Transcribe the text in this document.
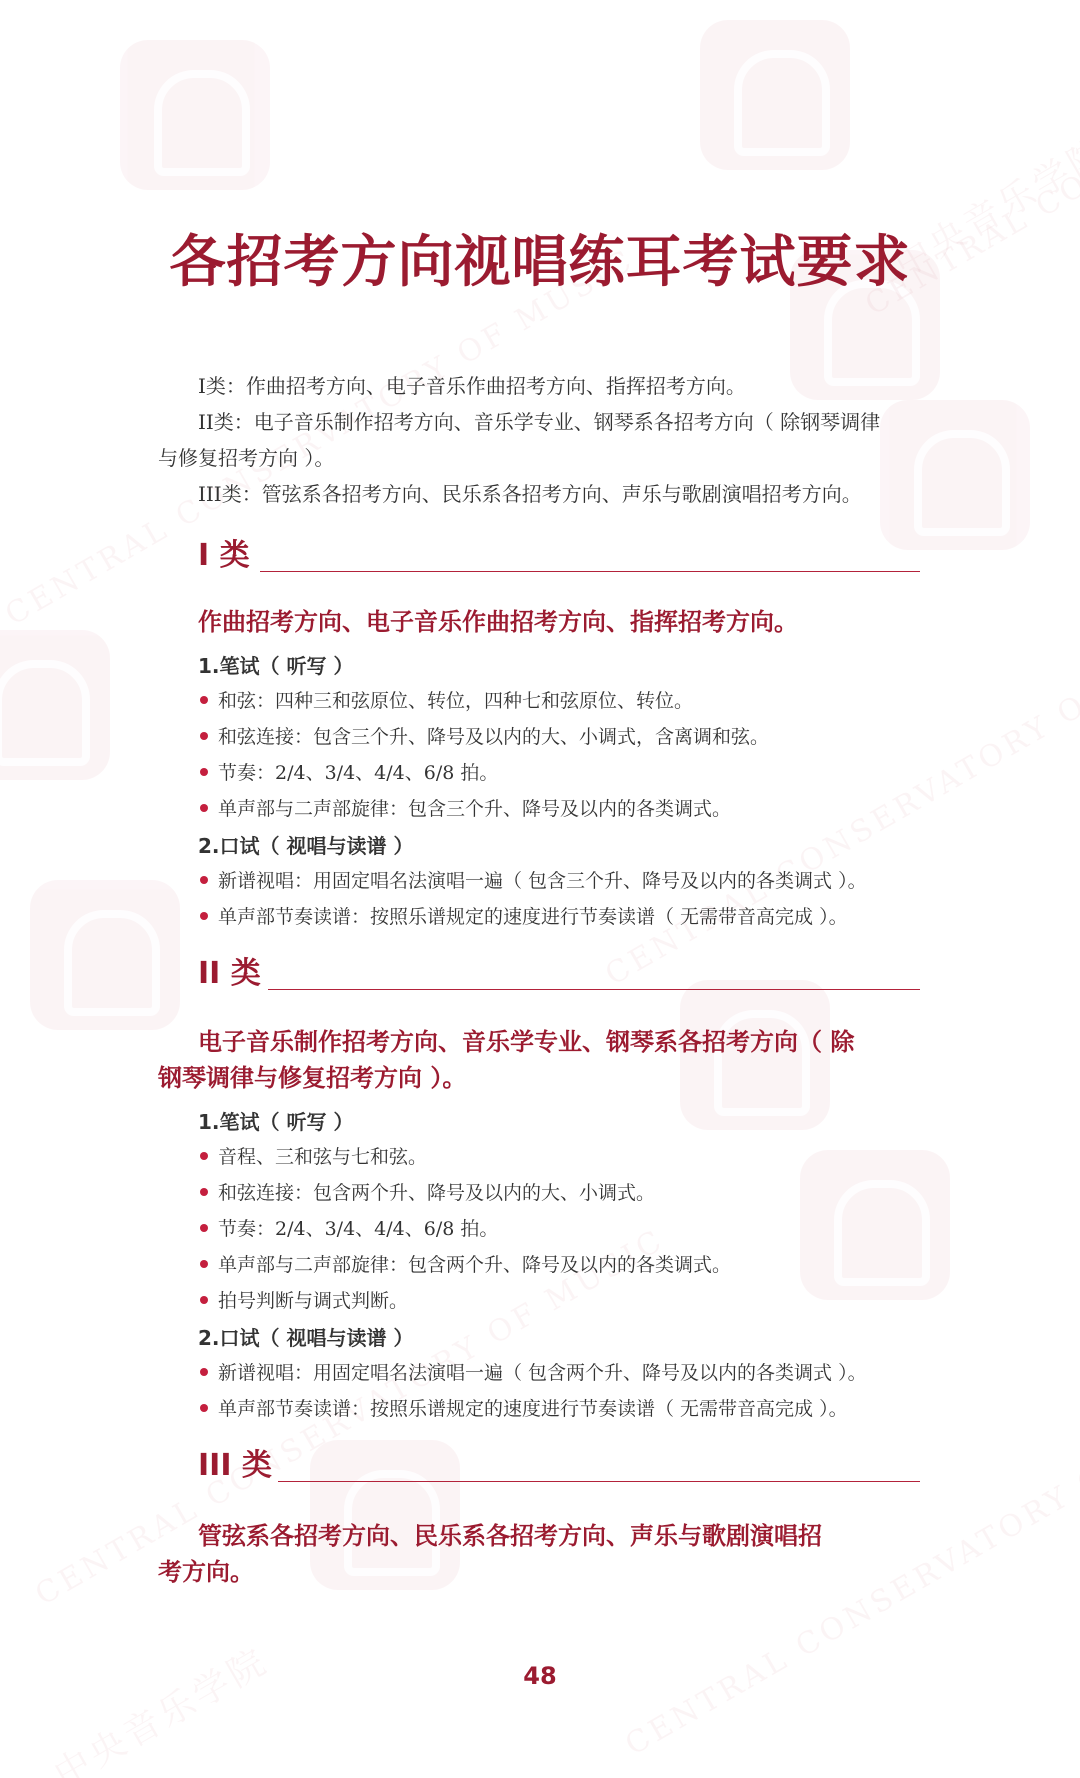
各招考方向视唱练耳考试要求
I类：作曲招考方向、电子音乐作曲招考方向、指挥招考方向。
II类：电子音乐制作招考方向、音乐学专业、钢琴系各招考方向（ 除钢琴调律
与修复招考方向 ）。
III类：管弦系各招考方向、民乐系各招考方向、声乐与歌剧演唱招考方向。
I 类
作曲招考方向、电子音乐作曲招考方向、指挥招考方向。
1.笔试（ 听写 ）
和弦：四种三和弦原位、转位，四种七和弦原位、转位。
和弦连接：包含三个升、降号及以内的大、小调式，含离调和弦。
节奏：2/4、3/4、4/4、6/8 拍。
单声部与二声部旋律：包含三个升、降号及以内的各类调式。
2.口试（ 视唱与读谱 ）
新谱视唱：用固定唱名法演唱一遍（ 包含三个升、降号及以内的各类调式 ）。
单声部节奏读谱：按照乐谱规定的速度进行节奏读谱（ 无需带音高完成 ）。
II 类
电子音乐制作招考方向、音乐学专业、钢琴系各招考方向（ 除
钢琴调律与修复招考方向 ）。
1.笔试（ 听写 ）
音程、三和弦与七和弦。
和弦连接：包含两个升、降号及以内的大、小调式。
节奏：2/4、3/4、4/4、6/8 拍。
单声部与二声部旋律：包含两个升、降号及以内的各类调式。
拍号判断与调式判断。
2.口试（ 视唱与读谱 ）
新谱视唱：用固定唱名法演唱一遍（ 包含两个升、降号及以内的各类调式 ）。
单声部节奏读谱：按照乐谱规定的速度进行节奏读谱（ 无需带音高完成 ）。
III 类
管弦系各招考方向、民乐系各招考方向、声乐与歌剧演唱招
考方向。
48
